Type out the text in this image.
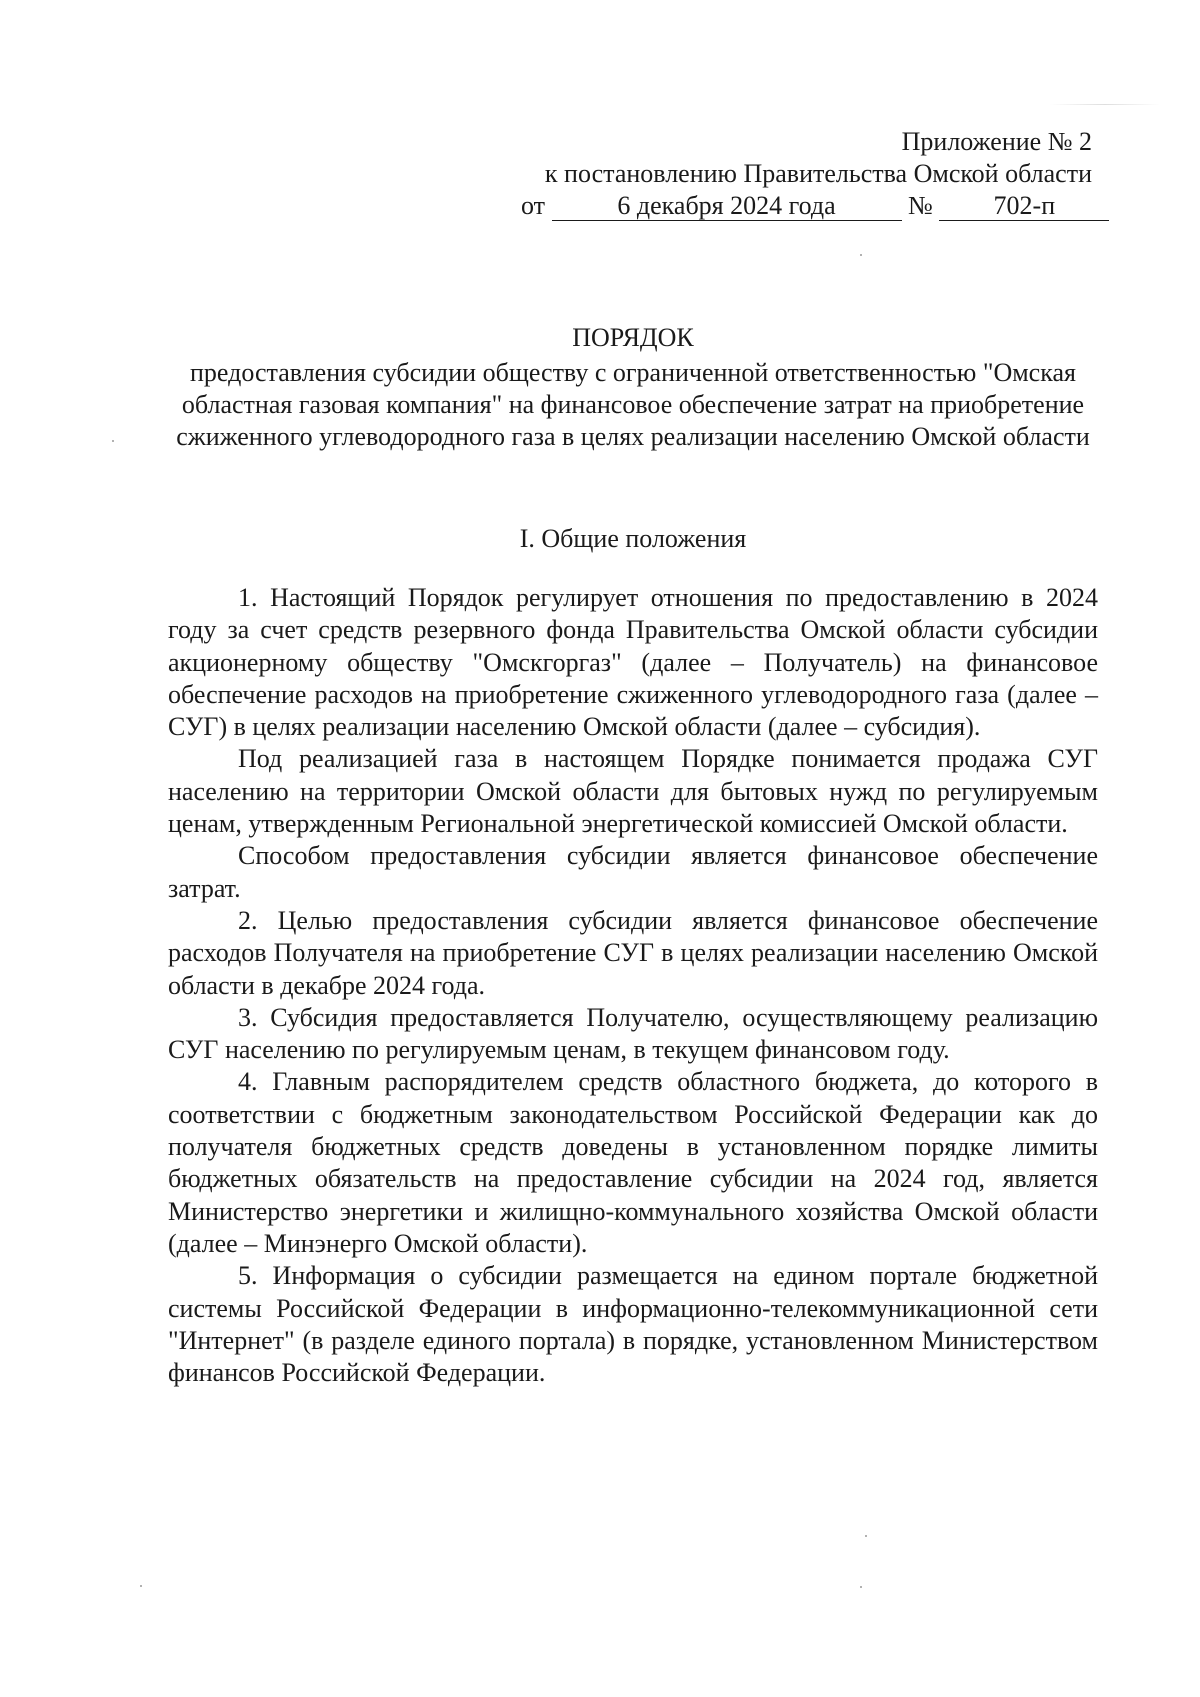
Приложение № 2
к постановлению Правительства Омской области
от	6 декабря 2024 года	№ 702-п
ПОРЯДОК
предоставления субсидии обществу с ограниченной ответственностью "Омская областная газовая компания" на финансовое обеспечение затрат на приобретение сжиженного углеводородного газа в целях реализации населению Омской области
I. Общие положения

1. Настоящий Порядок регулирует отношения по предоставлению в 2024 году за счет средств резервного фонда Правительства Омской области субсидии акционерному обществу "Омскгоргаз" (далее – Получатель) на финансовое обеспечение расходов на приобретение сжиженного углеводородного газа (далее – СУГ) в целях реализации населению Омской области (далее – субсидия).

Под реализацией газа в настоящем Порядке понимается продажа СУГ населению на территории Омской области для бытовых нужд по регулируемым ценам, утвержденным Региональной энергетической комиссией Омской области.

Способом предоставления субсидии является финансовое обеспечение затрат.

2. Целью предоставления субсидии является финансовое обеспечение расходов Получателя на приобретение СУГ в целях реализации населению Омской области в декабре 2024 года.

3. Субсидия предоставляется Получателю, осуществляющему реализацию СУГ населению по регулируемым ценам, в текущем финансовом году.

4. Главным распорядителем средств областного бюджета, до которого в соответствии с бюджетным законодательством Российской Федерации как до получателя бюджетных средств доведены в установленном порядке лимиты бюджетных обязательств на предоставление субсидии на 2024 год, является Министерство энергетики и жилищно-коммунального хозяйства Омской области (далее – Минэнерго Омской области).

5. Информация о субсидии размещается на едином портале бюджетной системы Российской Федерации в информационно-телекоммуникационной сети "Интернет" (в разделе единого портала) в порядке, установленном Министерством финансов Российской Федерации.
